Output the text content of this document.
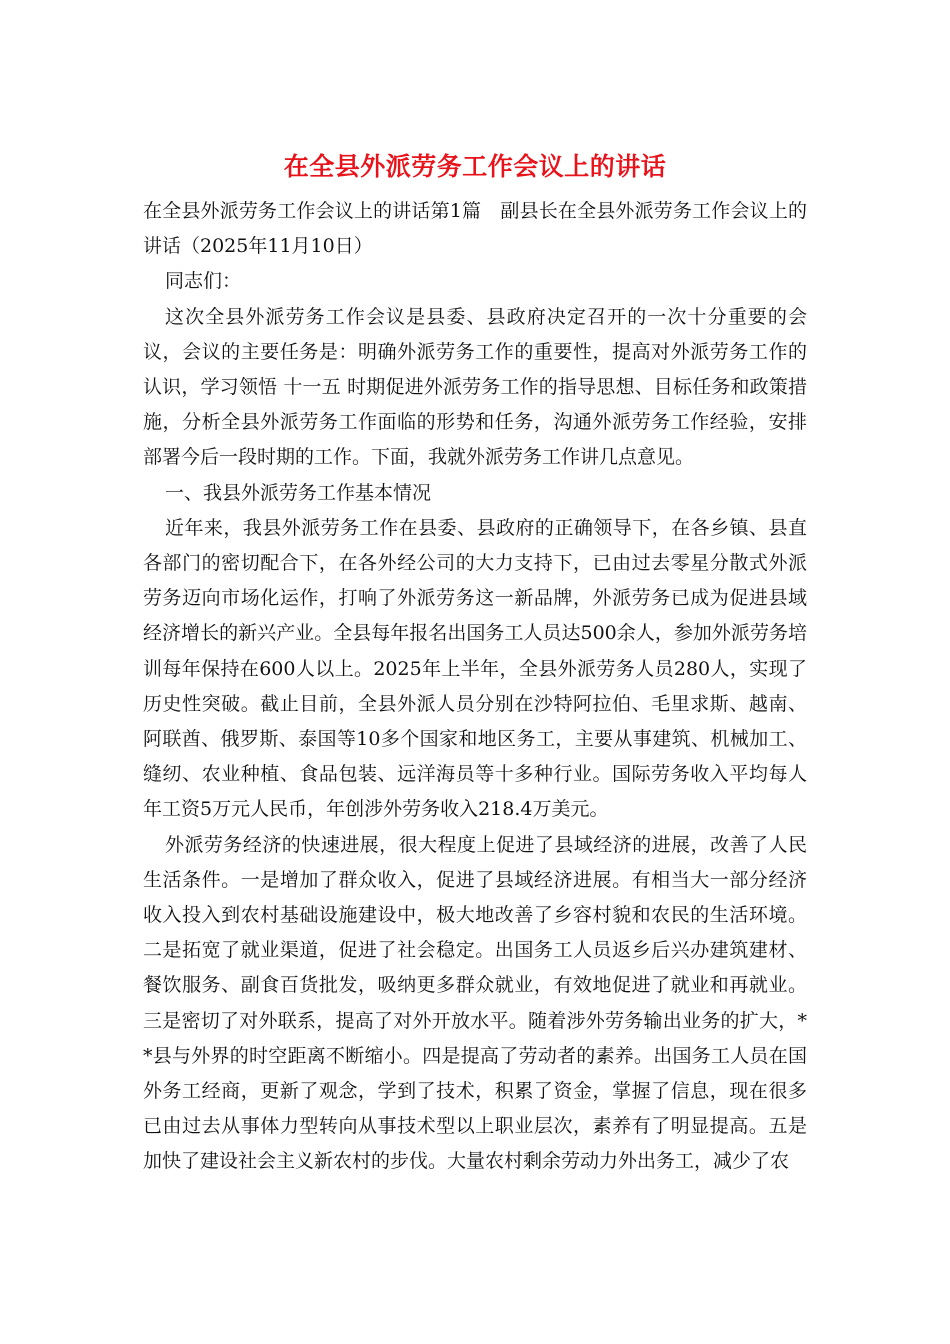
在全县外派劳务工作会议上的讲话

在全县外派劳务工作会议上的讲话第1篇　副县长在全县外派劳务工作会议上的讲话（2025年11月10日）

同志们：

这次全县外派劳务工作会议是县委、县政府决定召开的一次十分重要的会议，会议的主要任务是：明确外派劳务工作的重要性，提高对外派劳务工作的认识，学习领悟 十一五 时期促进外派劳务工作的指导思想、目标任务和政策措施，分析全县外派劳务工作面临的形势和任务，沟通外派劳务工作经验，安排部署今后一段时期的工作。下面，我就外派劳务工作讲几点意见。

一、我县外派劳务工作基本情况

近年来，我县外派劳务工作在县委、县政府的正确领导下，在各乡镇、县直各部门的密切配合下，在各外经公司的大力支持下，已由过去零星分散式外派劳务迈向市场化运作，打响了外派劳务这一新品牌，外派劳务已成为促进县域经济增长的新兴产业。全县每年报名出国务工人员达500余人，参加外派劳务培训每年保持在600人以上。2025年上半年，全县外派劳务人员280人，实现了历史性突破。截止目前，全县外派人员分别在沙特阿拉伯、毛里求斯、越南、阿联酋、俄罗斯、泰国等10多个国家和地区务工，主要从事建筑、机械加工、缝纫、农业种植、食品包装、远洋海员等十多种行业。国际劳务收入平均每人年工资5万元人民币，年创涉外劳务收入218.4万美元。

外派劳务经济的快速进展，很大程度上促进了县域经济的进展，改善了人民生活条件。一是增加了群众收入，促进了县域经济进展。有相当大一部分经济收入投入到农村基础设施建设中，极大地改善了乡容村貌和农民的生活环境。二是拓宽了就业渠道，促进了社会稳定。出国务工人员返乡后兴办建筑建材、餐饮服务、副食百货批发，吸纳更多群众就业，有效地促进了就业和再就业。三是密切了对外联系，提高了对外开放水平。随着涉外劳务输出业务的扩大，**县与外界的时空距离不断缩小。四是提高了劳动者的素养。出国务工人员在国外务工经商，更新了观念，学到了技术，积累了资金，掌握了信息，现在很多已由过去从事体力型转向从事技术型以上职业层次，素养有了明显提高。五是加快了建设社会主义新农村的步伐。大量农村剩余劳动力外出务工，减少了农
